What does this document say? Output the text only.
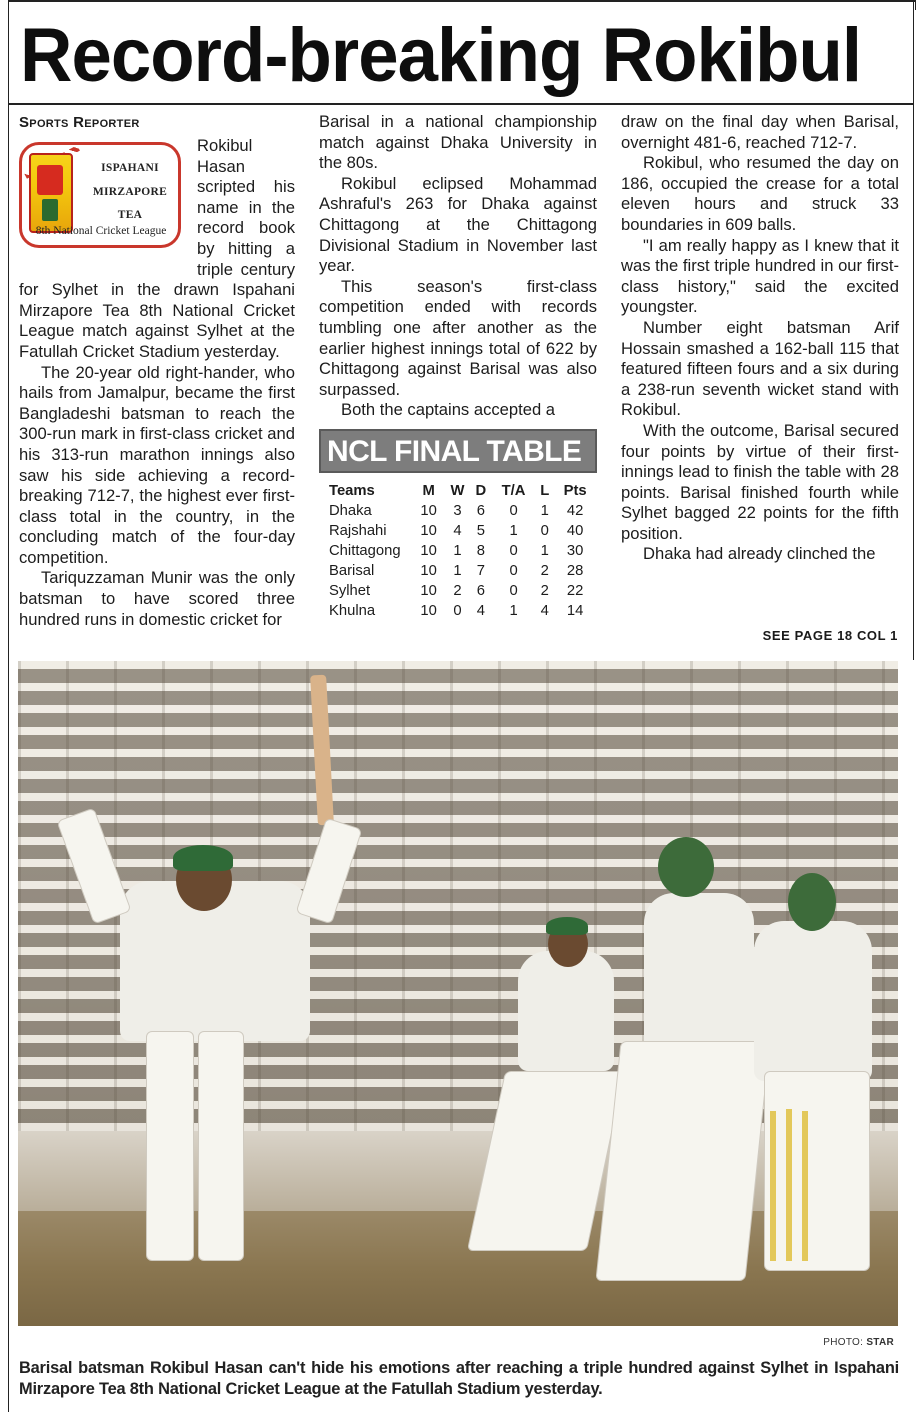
Record-breaking Rokibul

Sports Reporter

ISPAHANI
MIRZAPORE
TEA
8th National Cricket League

Rokibul Hasan scripted his name in the record book by hitting a triple century for Sylhet in the drawn Ispahani Mirzapore Tea 8th National Cricket League match against Sylhet at the Fatullah Cricket Stadium yesterday.

The 20-year old right-hander, who hails from Jamalpur, became the first Bangladeshi batsman to reach the 300-run mark in first-class cricket and his 313-run marathon innings also saw his side achieving a record-breaking 712-7, the highest ever first-class total in the country, in the concluding match of the four-day competition.

Tariquzzaman Munir was the only batsman to have scored three hundred runs in domestic cricket for

Barisal in a national championship match against Dhaka University in the 80s.

Rokibul eclipsed Mohammad Ashraful's 263 for Dhaka against Chittagong at the Chittagong Divisional Stadium in November last year.

This season's first-class competition ended with records tumbling one after another as the earlier highest innings total of 622 by Chittagong against Barisal was also surpassed.

Both the captains accepted a

NCL FINAL TABLE
Teams	M	W	D	T/A	L	Pts
Dhaka	10	3	6	0	1	42
Rajshahi	10	4	5	1	0	40
Chittagong	10	1	8	0	1	30
Barisal	10	1	7	0	2	28
Sylhet	10	2	6	0	2	22
Khulna	10	0	4	1	4	14

draw on the final day when Barisal, overnight 481-6, reached 712-7.

Rokibul, who resumed the day on 186, occupied the crease for a total eleven hours and struck 33 boundaries in 609 balls.

"I am really happy as I knew that it was the first triple hundred in our first-class history," said the excited youngster.

Number eight batsman Arif Hossain smashed a 162-ball 115 that featured fifteen fours and a six during a 238-run seventh wicket stand with Rokibul.

With the outcome, Barisal secured four points by virtue of their first-innings lead to finish the table with 28 points. Barisal finished fourth while Sylhet bagged 22 points for the fifth position.

Dhaka had already clinched the

SEE PAGE 18 COL 1
PHOTO: STAR

Barisal batsman Rokibul Hasan can't hide his emotions after reaching a triple hundred against Sylhet in Ispahani Mirzapore Tea 8th National Cricket League at the Fatullah Stadium yesterday.
